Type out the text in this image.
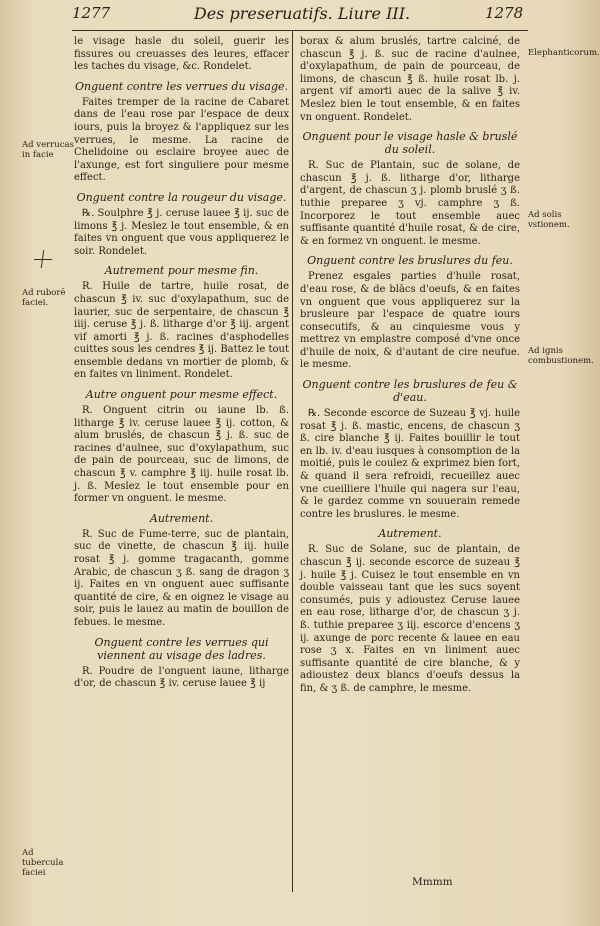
1277	Des preseruatifs. Liure III.	1278

le visage hasle du soleil, guerir les fissures ou creuasses des leures, effacer les taches du visage, &c. Rondelet.

Onguent contre les verrues du visage.

Faites tremper de la racine de Cabaret dans de l'eau rose par l'espace de deux iours, puis la broyez & l'appliquez sur les verrues, le mesme. La racine de Chelidoine ou esclaire broyee auec de l'axunge, est fort singuliere pour mesme effect.

Onguent contre la rougeur du visage.

℞. Soulphre ℥ j. ceruse lauee ℥ ij. suc de limons ℥ j. Meslez le tout ensemble, & en faites vn onguent que vous appliquerez le soir. Rondelet.

Autrement pour mesme fin.

R. Huile de tartre, huile rosat, de chascun ℥ iv. suc d'oxylapathum, suc de laurier, suc de serpentaire, de chascun ℥ iiij. ceruse ℥ j. ß. litharge d'or ℥ iij. argent vif amorti ℥ j. ß. racines d'asphodelles cuittes sous les cendres ℥ ij. Battez le tout ensemble dedans vn mortier de plomb, & en faites vn liniment. Rondelet.

Autre onguent pour mesme effect.

R. Onguent citrin ou iaune lb. ß. litharge ℥ iv. ceruse lauee ℥ ij. cotton, & alum bruslés, de chascun ℥ j. ß. suc de racines d'aulnee, suc d'oxylapathum, suc de pain de pourceau, suc de limons, de chascun ℥ v. camphre ℥ iij. huile rosat lb. j. ß. Meslez le tout ensemble pour en former vn onguent. le mesme.

Autrement.

R. Suc de Fume-terre, suc de plantain, suc de vinette, de chascun ℥ iij. huile rosat ℥ j. gomme tragacanth, gomme Arabic, de chascun ʒ ß. sang de dragon ʒ ij. Faites en vn onguent auec suffisante quantité de cire, & en oignez le visage au soir, puis le lauez au matin de bouillon de febues. le mesme.

Onguent contre les verrues qui viennent au visage des ladres.

R. Poudre de l'onguent iaune, litharge d'or, de chascun ℥ iv. ceruse lauee ℥ ij

borax & alum bruslés, tartre calciné, de chascun ℥ j. ß. suc de racine d'aulnee, d'oxylapathum, de pain de pourceau, de limons, de chascun ℥ ß. huile rosat lb. j. argent vif amorti auec de la salive ℥ iv. Meslez bien le tout ensemble, & en faites vn onguent. Rondelet.

Onguent pour le visage hasle & bruslé du soleil.

R. Suc de Plantain, suc de solane, de chascun ℥ j. ß. litharge d'or, litharge d'argent, de chascun ʒ j. plomb bruslé ʒ ß. tuthie preparee ʒ vj. camphre ʒ ß. Incorporez le tout ensemble auec suffisante quantité d'huile rosat, & de cire, & en formez vn onguent. le mesme.

Onguent contre les bruslures du feu.

Prenez esgales parties d'huile rosat, d'eau rose, & de blācs d'oeufs, & en faites vn onguent que vous appliquerez sur la brusleure par l'espace de quatre iours consecutifs, & au cinquiesme vous y mettrez vn emplastre composé d'vne once d'huile de noix, & d'autant de cire neufue. le mesme.

Onguent contre les bruslures de feu & d'eau.

℞. Seconde escorce de Suzeau ℥ vj. huile rosat ℥ j. ß. mastic, encens, de chascun ʒ ß. cire blanche ℥ ij. Faites bouillir le tout en lb. iv. d'eau iusques à consomption de la moitié, puis le coulez & exprimez bien fort, & quand il sera refroidi, recueillez auec vne cueilliere l'huile qui nagera sur l'eau, & le gardez comme vn souuerain remede contre les bruslures. le mesme.

Autrement.

R. Suc de Solane, suc de plantain, de chascun ℥ ij. seconde escorce de suzeau ℥ j. huile ℥ j. Cuisez le tout ensemble en vn double vaisseau tant que les sucs soyent consumés, puis y adioustez Ceruse lauee en eau rose, litharge d'or, de chascun ʒ j. ß. tuthie preparee ʒ iij. escorce d'encens ʒ ij. axunge de porc recente & lauee en eau rose ʒ x. Faites en vn liniment auec suffisante quantité de cire blanche, & y adioustez deux blancs d'oeufs dessus la fin, & ʒ ß. de camphre, le mesme.

Ad verrucas in facie
Ad ruborē faciei.
Ad tubercula faciei
Elephanticorum.
Ad solis vstionem.
Ad ignis combustionem.
Mmmm
